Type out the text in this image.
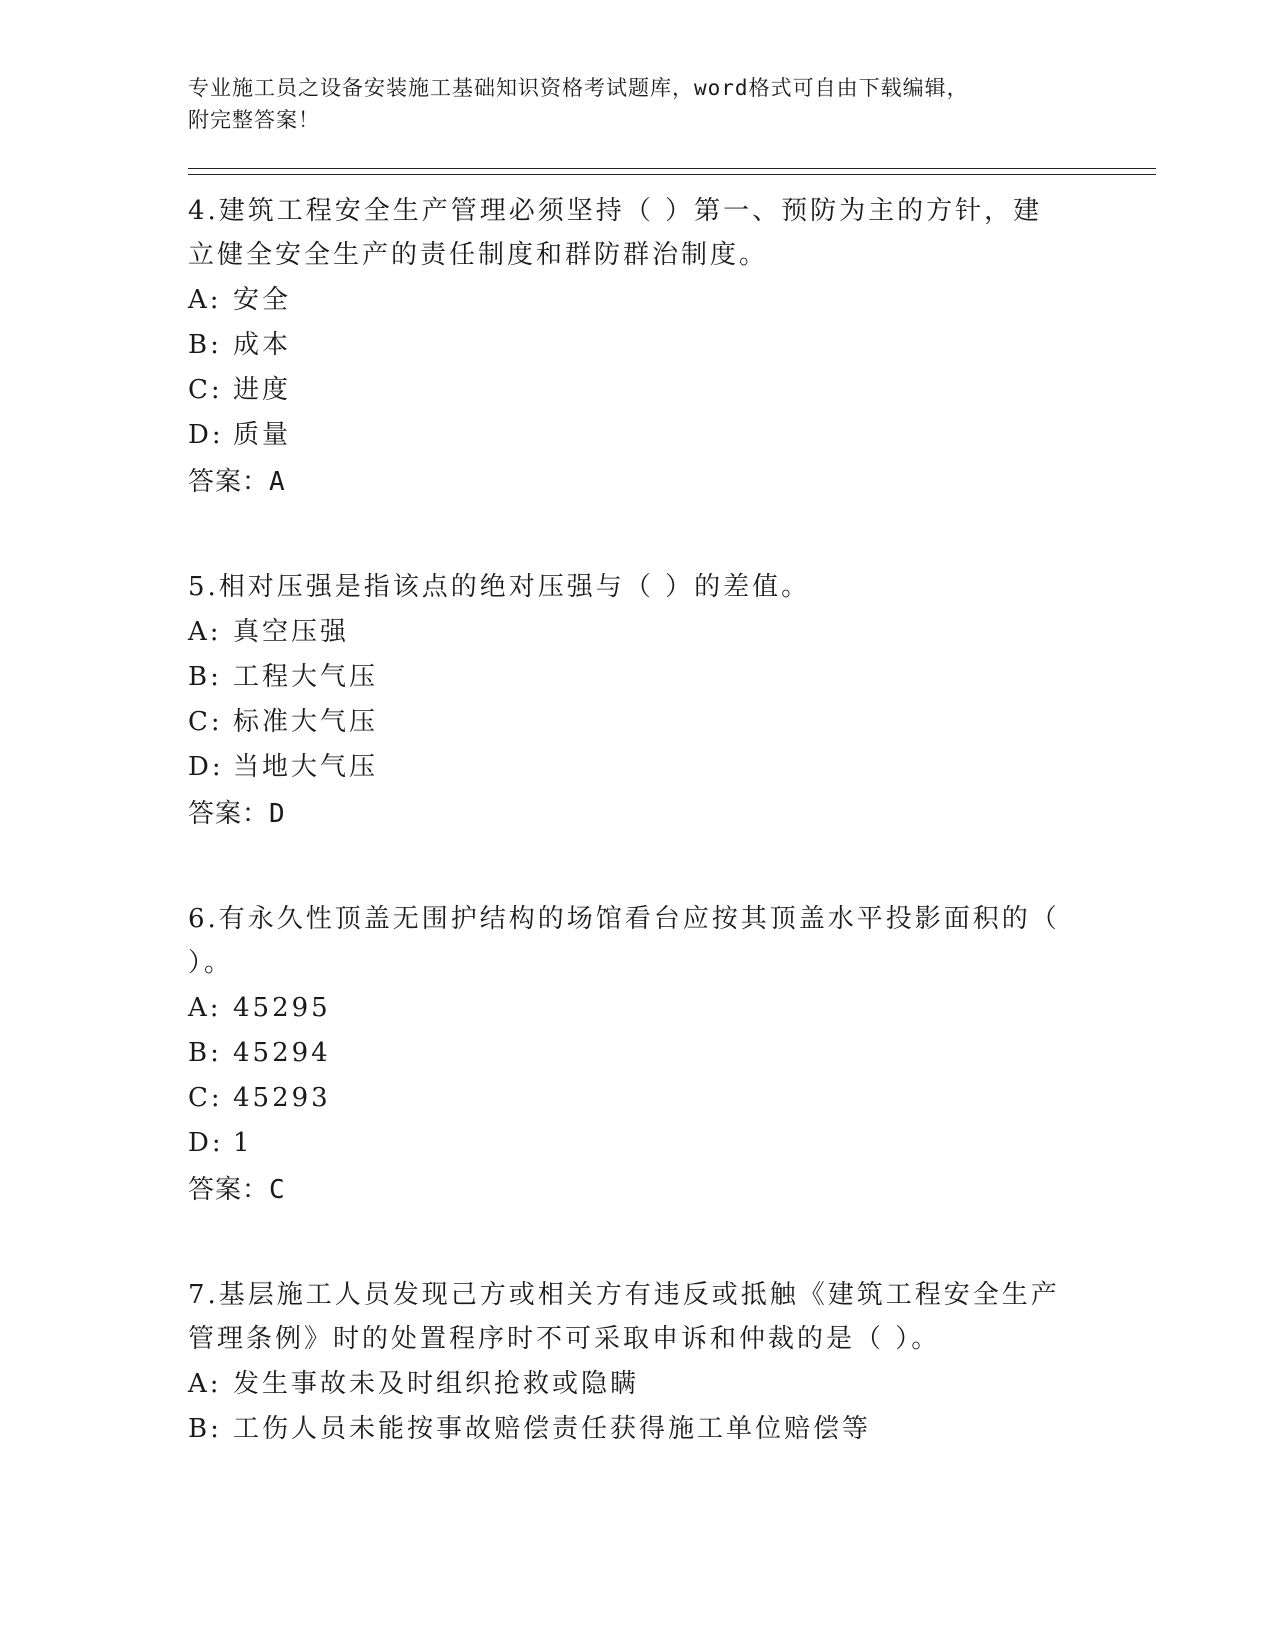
专业施工员之设备安装施工基础知识资格考试题库，word格式可自由下载编辑，
附完整答案！
4.建筑工程安全生产管理必须坚持（ ）第一、预防为主的方针，建立健全安全生产的责任制度和群防群治制度。
A: 安全
B: 成本
C: 进度
D: 质量
答案：A
5.相对压强是指该点的绝对压强与（ ）的差值。
A: 真空压强
B: 工程大气压
C: 标准大气压
D: 当地大气压
答案：D
6.有永久性顶盖无围护结构的场馆看台应按其顶盖水平投影面积的（ ）。
A: 45295
B: 45294
C: 45293
D: 1
答案：C
7.基层施工人员发现己方或相关方有违反或抵触《建筑工程安全生产管理条例》时的处置程序时不可采取申诉和仲裁的是（ ）。
A: 发生事故未及时组织抢救或隐瞒
B: 工伤人员未能按事故赔偿责任获得施工单位赔偿等
